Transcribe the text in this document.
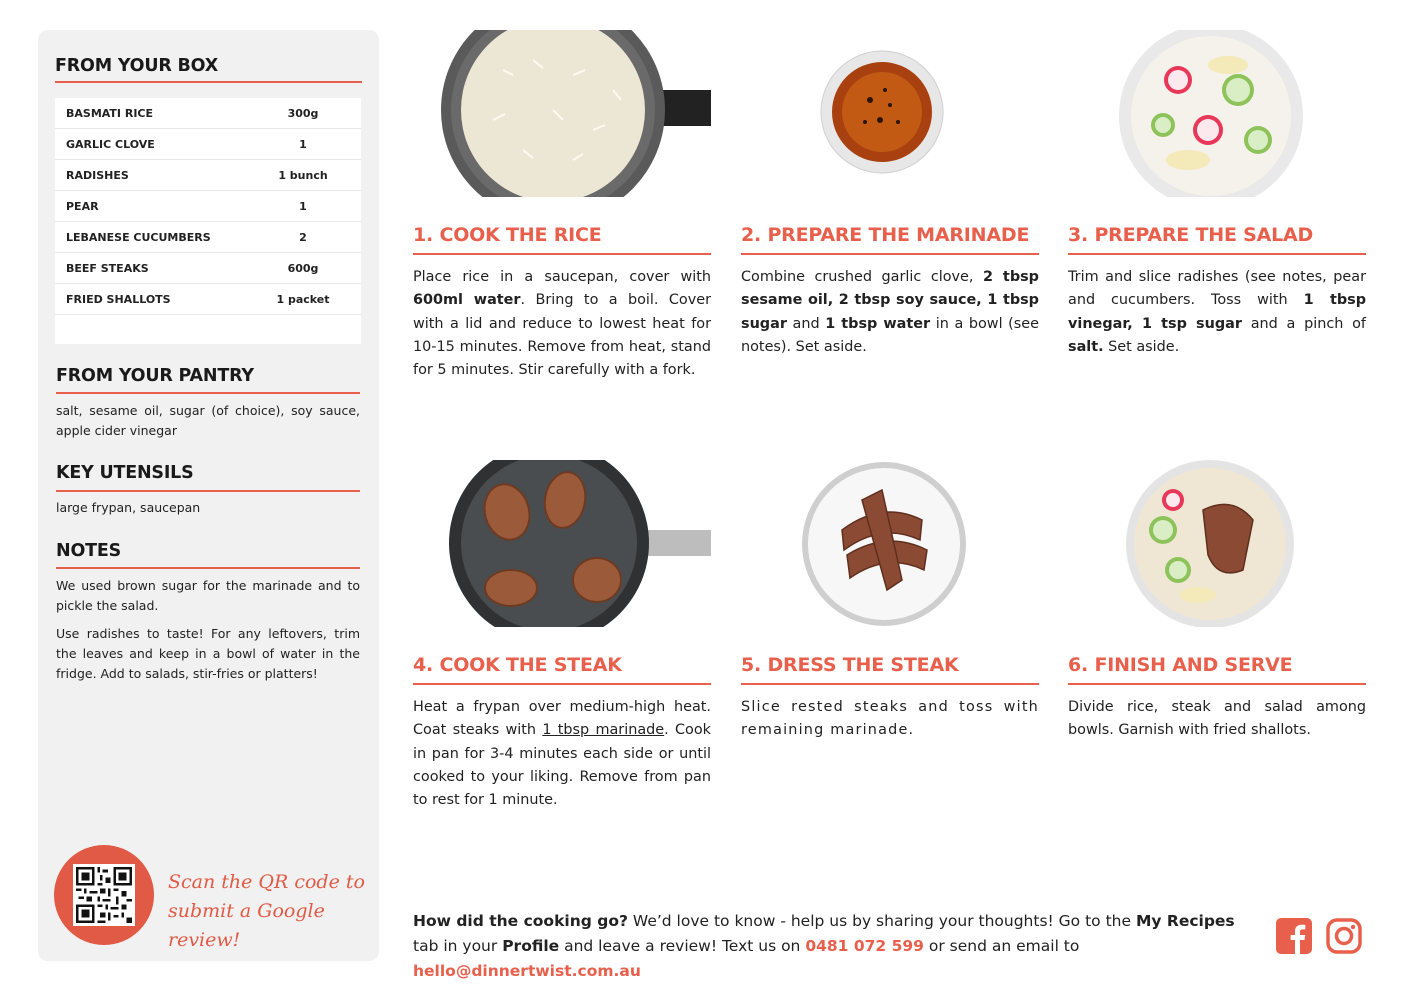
FROM YOUR BOX
BASMATI RICE	300g
GARLIC CLOVE	1
RADISHES	1 bunch
PEAR	1
LEBANESE CUCUMBERS	2
BEEF STEAKS	600g
FRIED SHALLOTS	1 packet
FROM YOUR PANTRY
salt, sesame oil, sugar (of choice), soy sauce, apple cider vinegar
KEY UTENSILS
large frypan, saucepan
NOTES
We used brown sugar for the marinade and to pickle the salad.
Use radishes to taste! For any leftovers, trim the leaves and keep in a bowl of water in the fridge. Add to salads, stir-fries or platters!
Scan the QR code to
submit a Google review!
1. COOK THE RICE
Place rice in a saucepan, cover with 600ml water. Bring to a boil. Cover with a lid and reduce to lowest heat for 10-15 minutes. Remove from heat, stand for 5 minutes. Stir carefully with a fork.
2. PREPARE THE MARINADE
Combine crushed garlic clove, 2 tbsp sesame oil, 2 tbsp soy sauce, 1 tbsp sugar and 1 tbsp water in a bowl (see notes). Set aside.
3. PREPARE THE SALAD
Trim and slice radishes (see notes, pear and cucumbers. Toss with 1 tbsp vinegar, 1 tsp sugar and a pinch of salt. Set aside.
4. COOK THE STEAK
Heat a frypan over medium-high heat. Coat steaks with 1 tbsp marinade. Cook in pan for 3-4 minutes each side or until cooked to your liking. Remove from pan to rest for 1 minute.
5. DRESS THE STEAK
Slice rested steaks and toss with remaining marinade.
6. FINISH AND SERVE
Divide rice, steak and salad among bowls. Garnish with fried shallots.
How did the cooking go? We’d love to know - help us by sharing your thoughts! Go to the My Recipes tab in your Profile and leave a review! Text us on 0481 072 599 or send an email to hello@dinnertwist.com.au
